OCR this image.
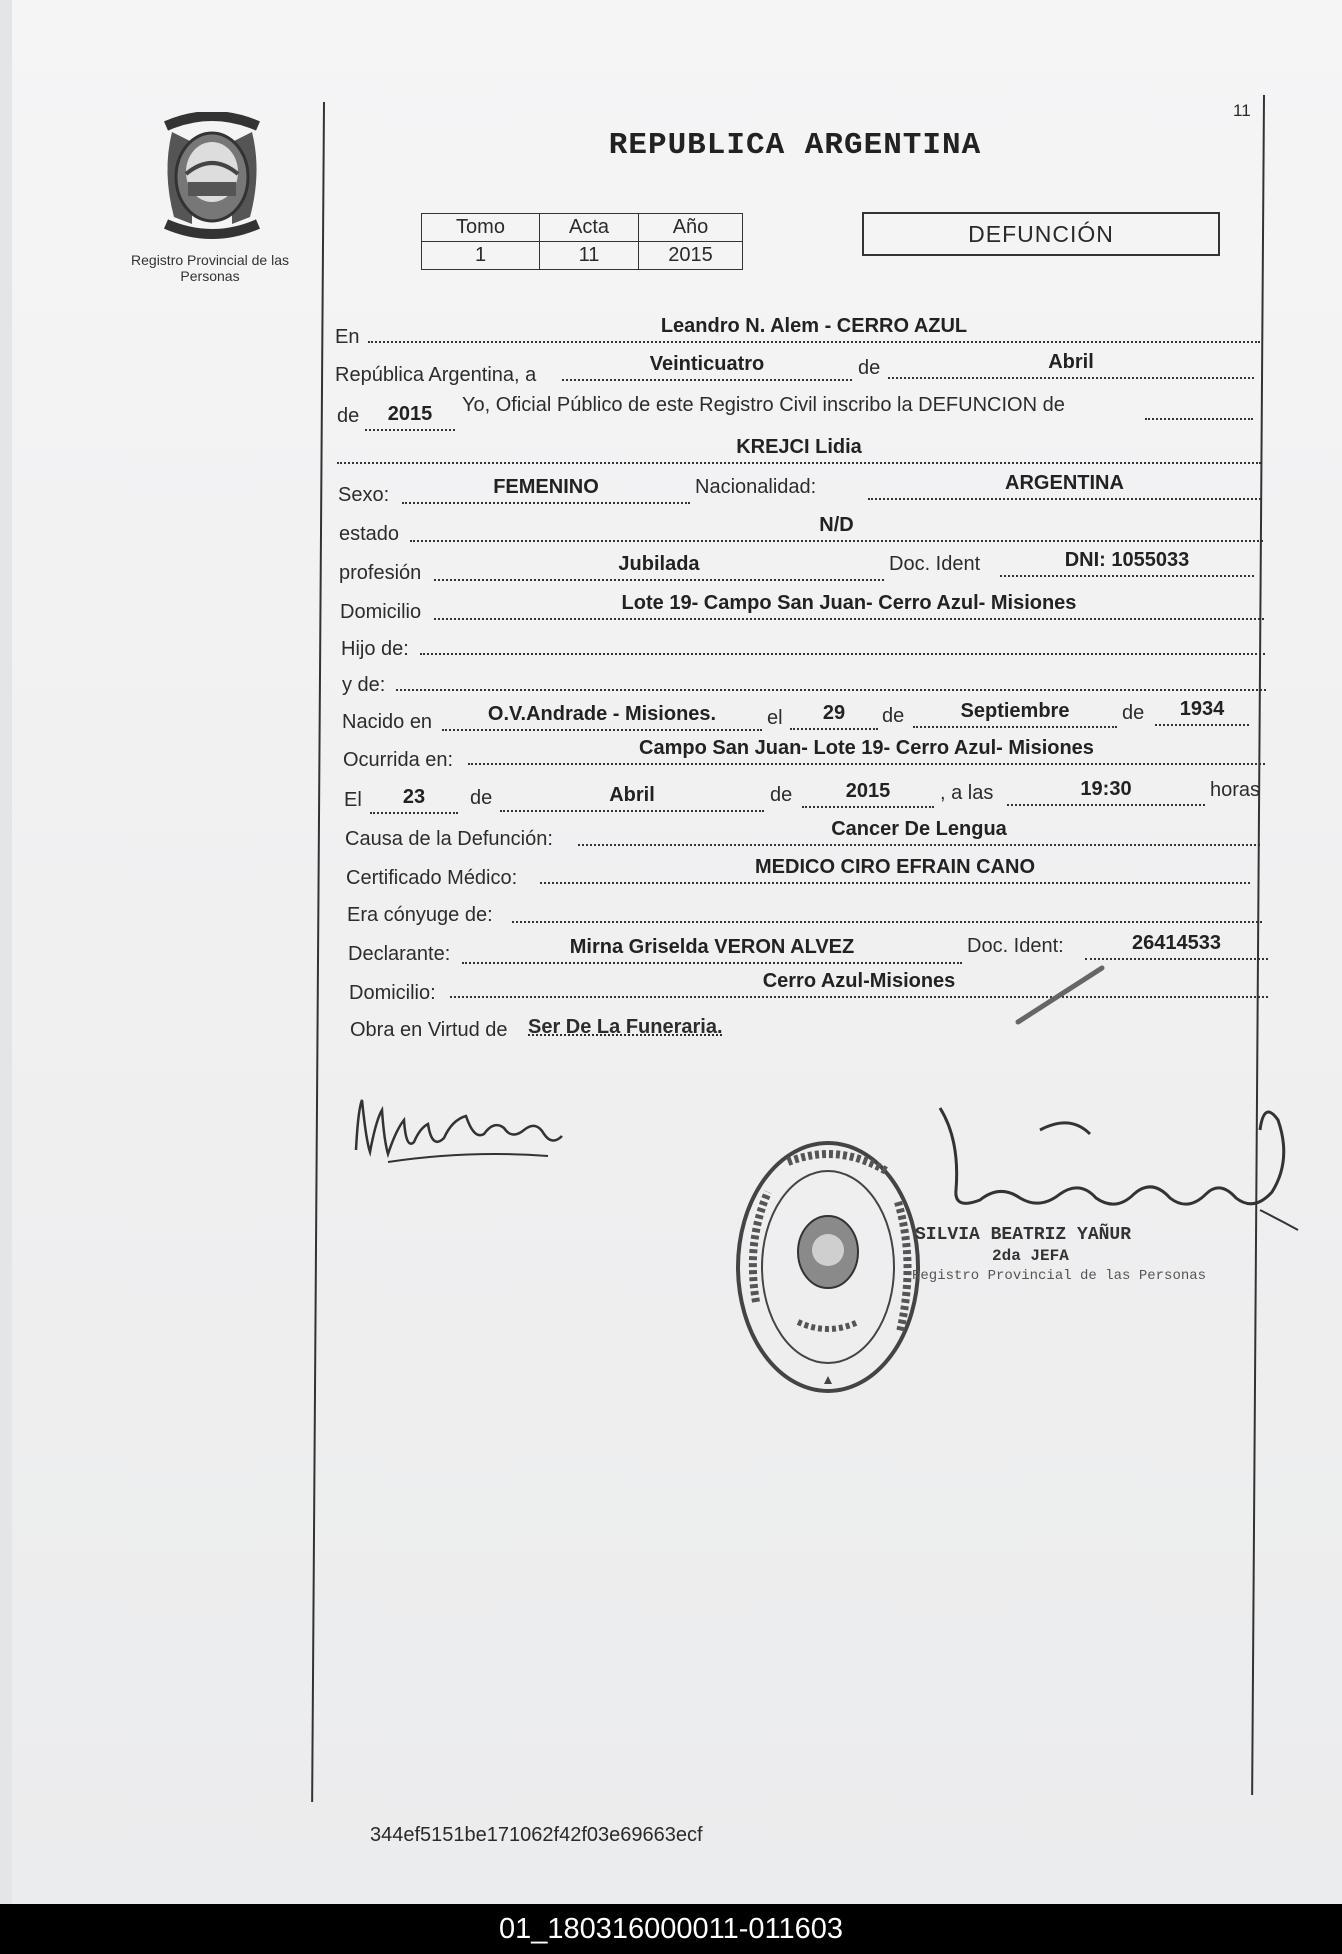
11
Registro Provincial de las Personas
REPUBLICA ARGENTINA
Tomo	Acta	Año
1	11	2015
DEFUNCIÓN
En	Leandro N. Alem - CERRO AZUL
República Argentina, a	Veinticuatro	de	Abril
de	2015	Yo, Oficial Público de este Registro Civil inscribo la DEFUNCION de
KREJCI Lidia
Sexo:	FEMENINO	Nacionalidad:	ARGENTINA
estado	N/D
profesión	Jubilada	Doc. Ident	DNI: 1055033
Domicilio	Lote 19- Campo San Juan- Cerro Azul- Misiones
Hijo de:
y de:
Nacido en	O.V.Andrade - Misiones.	el	29	de	Septiembre	de	1934
Ocurrida en:
Campo San Juan- Lote 19- Cerro Azul- Misiones
El	23	de	Abril	de	2015	, a las	19:30	horas
Causa de la Defunción:	Cancer De Lengua
Certificado Médico:	MEDICO CIRO EFRAIN CANO
Era cónyuge de:
Declarante:	Mirna Griselda VERON ALVEZ	Doc. Ident:	26414533
Domicilio:
Cerro Azul-Misiones
Obra en Virtud de Ser De La Funeraria.
SILVIA BEATRIZ YAÑUR
2da JEFA
Registro Provincial de las Personas
344ef5151be171062f42f03e69663ecf
01_180316000011-011603
